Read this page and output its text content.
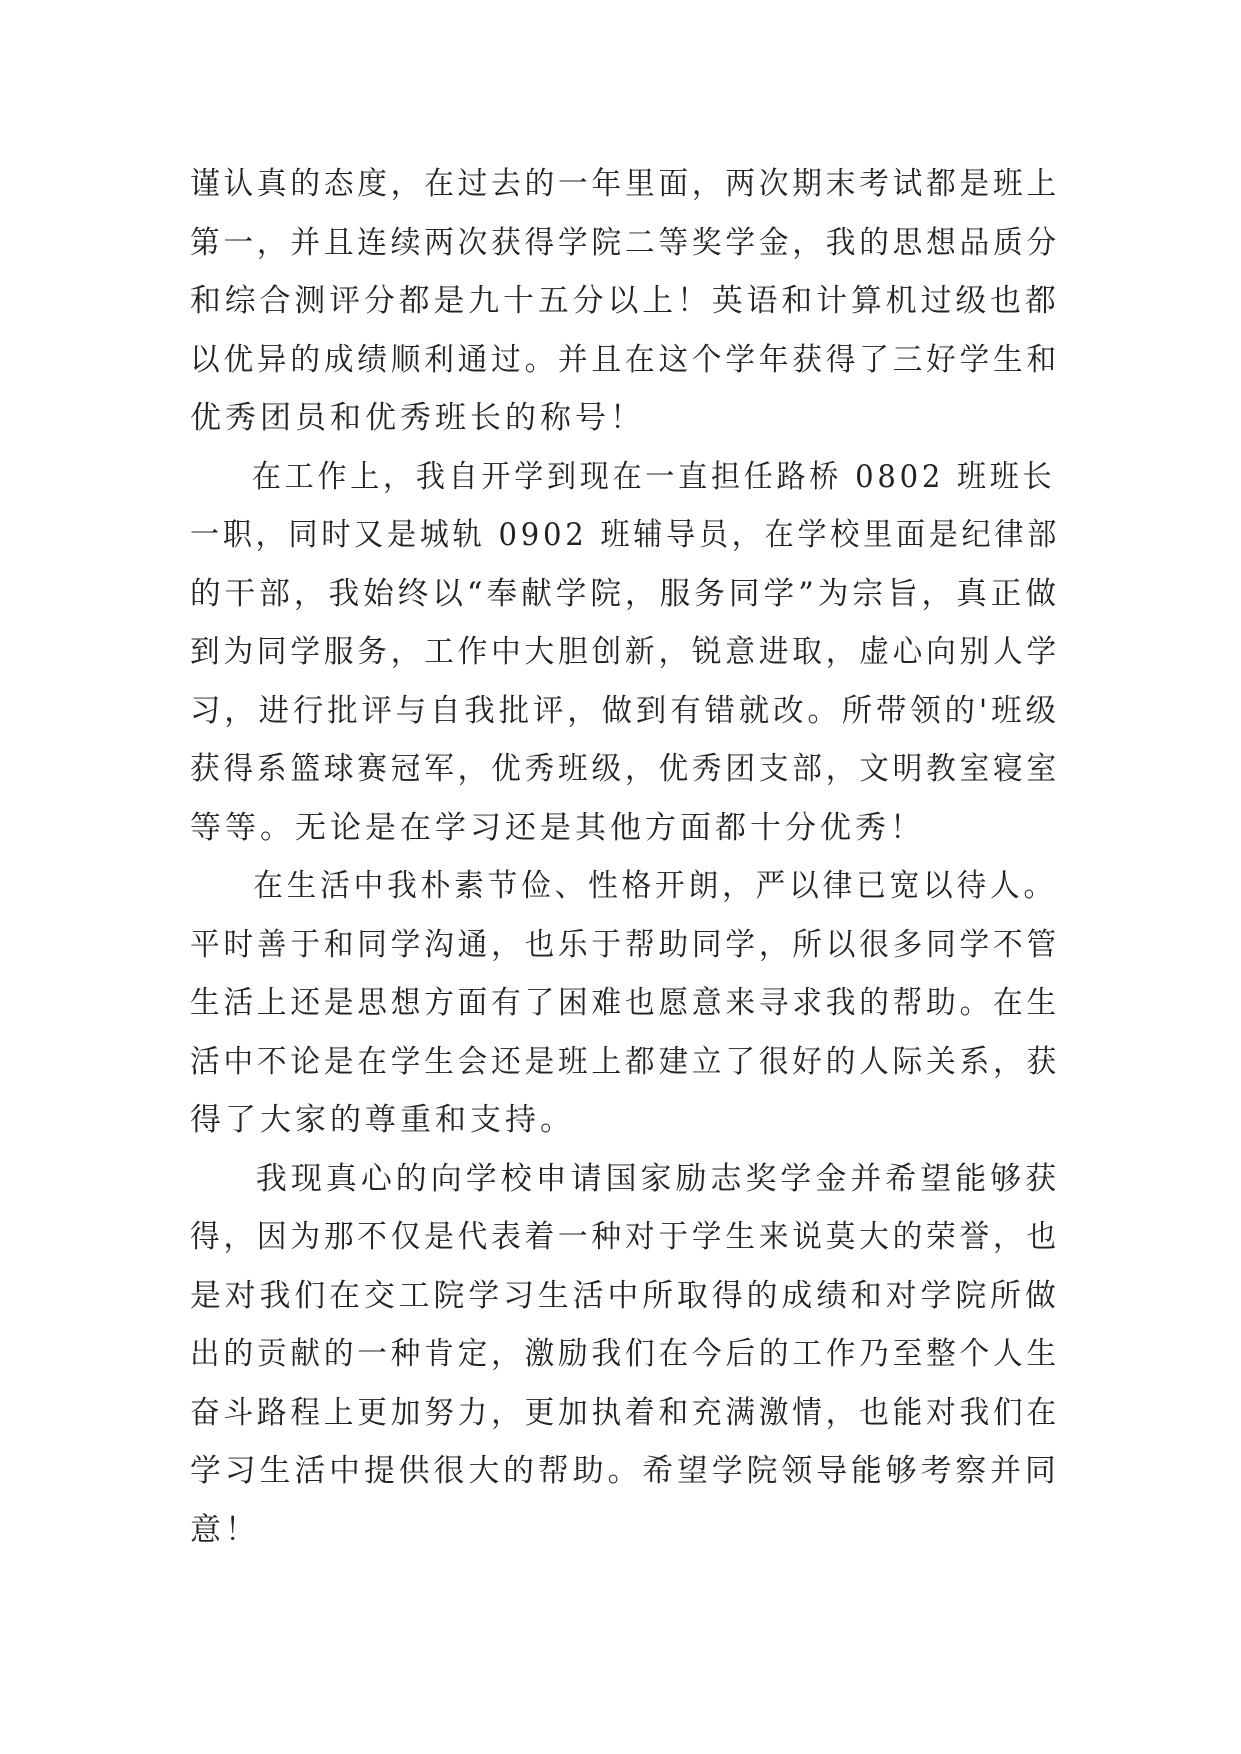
谨认真的态度，在过去的一年里面，两次期末考试都是班上
第一，并且连续两次获得学院二等奖学金，我的思想品质分
和综合测评分都是九十五分以上！英语和计算机过级也都
以优异的成绩顺利通过。并且在这个学年获得了三好学生和
优秀团员和优秀班长的称号！
在工作上，我自开学到现在一直担任路桥 0802 班班长
一职，同时又是城轨 0902 班辅导员，在学校里面是纪律部
的干部，我始终以“奉献学院，服务同学”为宗旨，真正做
到为同学服务，工作中大胆创新，锐意进取，虚心向别人学
习，进行批评与自我批评，做到有错就改。所带领的'班级
获得系篮球赛冠军，优秀班级，优秀团支部，文明教室寝室
等等。无论是在学习还是其他方面都十分优秀！
在生活中我朴素节俭、性格开朗，严以律已宽以待人。
平时善于和同学沟通，也乐于帮助同学，所以很多同学不管
生活上还是思想方面有了困难也愿意来寻求我的帮助。在生
活中不论是在学生会还是班上都建立了很好的人际关系，获
得了大家的尊重和支持。
我现真心的向学校申请国家励志奖学金并希望能够获
得，因为那不仅是代表着一种对于学生来说莫大的荣誉，也
是对我们在交工院学习生活中所取得的成绩和对学院所做
出的贡献的一种肯定，激励我们在今后的工作乃至整个人生
奋斗路程上更加努力，更加执着和充满激情，也能对我们在
学习生活中提供很大的帮助。希望学院领导能够考察并同
意！
